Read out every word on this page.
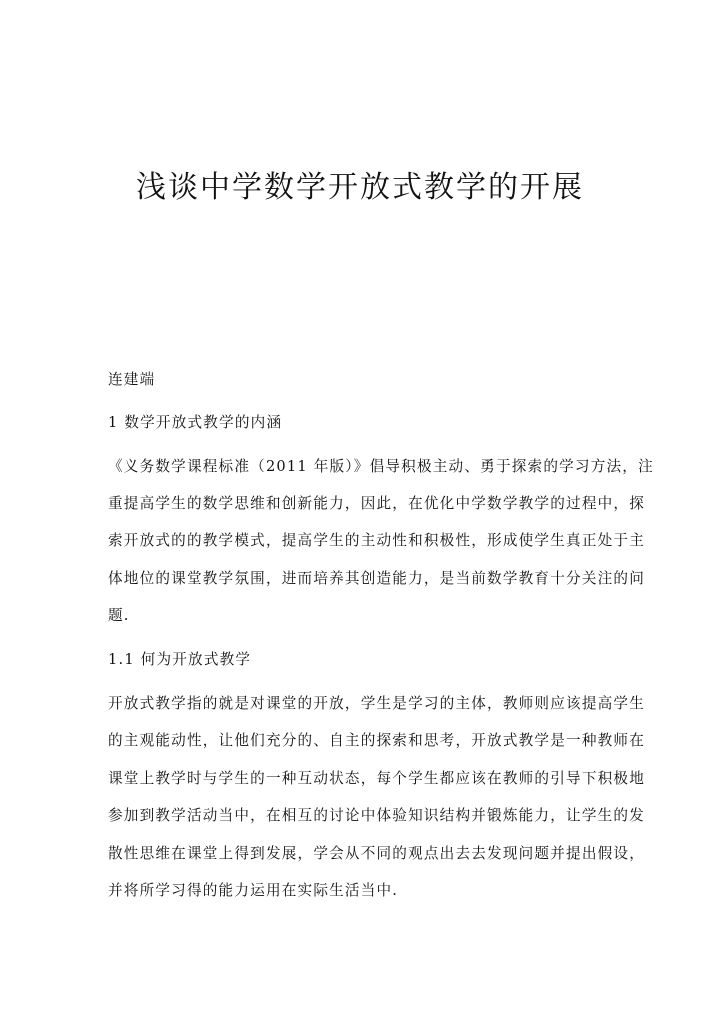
浅谈中学数学开放式教学的开展

连建端

1 数学开放式教学的内涵

《义务数学课程标准（2011 年版）》倡导积极主动、勇于探索的学习方法，注

重提高学生的数学思维和创新能力，因此，在优化中学数学教学的过程中，探

索开放式的的教学模式，提高学生的主动性和积极性，形成使学生真正处于主

体地位的课堂教学氛围，进而培养其创造能力，是当前数学教育十分关注的问

题.

1.1 何为开放式教学

开放式教学指的就是对课堂的开放，学生是学习的主体，教师则应该提高学生

的主观能动性，让他们充分的、自主的探索和思考，开放式教学是一种教师在

课堂上教学时与学生的一种互动状态，每个学生都应该在教师的引导下积极地

参加到教学活动当中，在相互的讨论中体验知识结构并锻炼能力，让学生的发

散性思维在课堂上得到发展，学会从不同的观点出去去发现问题并提出假设，

并将所学习得的能力运用在实际生活当中.
